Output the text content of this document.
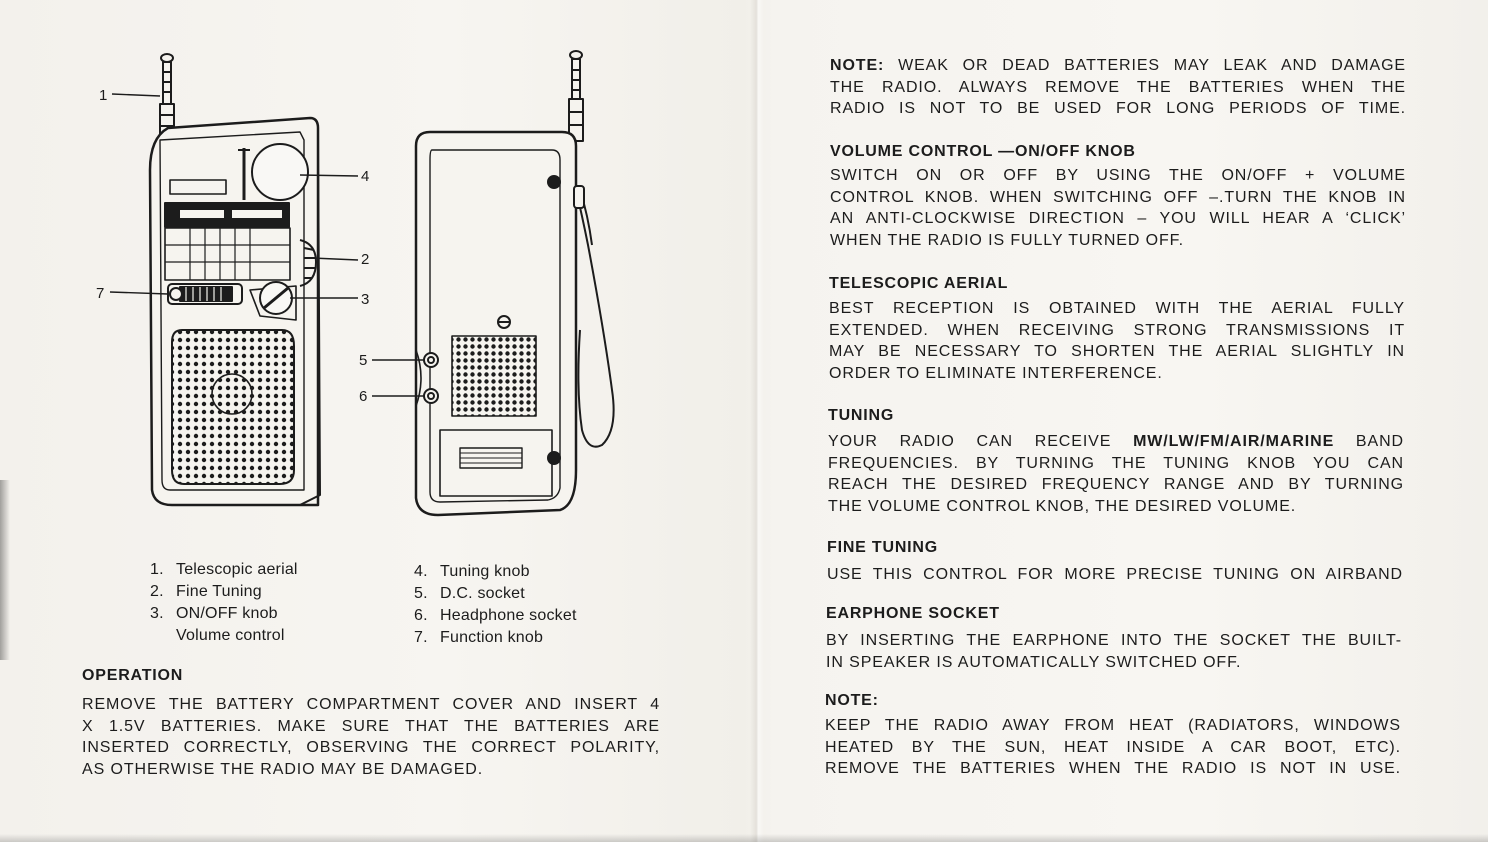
1
2
3
4
5
6
7
1. Telescopic aerial
2. Fine Tuning
3. ON/OFF knob
Volume control
4. Tuning knob
5. D.C. socket
6. Headphone socket
7. Function knob
OPERATION
REMOVE THE BATTERY COMPARTMENT COVER AND INSERT 4
X 1.5V BATTERIES. MAKE SURE THAT THE BATTERIES ARE
INSERTED CORRECTLY, OBSERVING THE CORRECT POLARITY,
AS OTHERWISE THE RADIO MAY BE DAMAGED.
NOTE: WEAK OR DEAD BATTERIES MAY LEAK AND DAMAGE
THE RADIO. ALWAYS REMOVE THE BATTERIES WHEN THE
RADIO IS NOT TO BE USED FOR LONG PERIODS OF TIME.
VOLUME CONTROL —ON/OFF KNOB
SWITCH ON OR OFF BY USING THE ON/OFF + VOLUME
CONTROL KNOB. WHEN SWITCHING OFF –.TURN THE KNOB IN
AN ANTI-CLOCKWISE DIRECTION – YOU WILL HEAR A ‘CLICK’
WHEN THE RADIO IS FULLY TURNED OFF.
TELESCOPIC AERIAL
BEST RECEPTION IS OBTAINED WITH THE AERIAL FULLY
EXTENDED. WHEN RECEIVING STRONG TRANSMISSIONS IT
MAY BE NECESSARY TO SHORTEN THE AERIAL SLIGHTLY IN
ORDER TO ELIMINATE INTERFERENCE.
TUNING
YOUR RADIO CAN RECEIVE MW/LW/FM/AIR/MARINE BAND
FREQUENCIES. BY TURNING THE TUNING KNOB YOU CAN
REACH THE DESIRED FREQUENCY RANGE AND BY TURNING
THE VOLUME CONTROL KNOB, THE DESIRED VOLUME.
FINE TUNING
USE THIS CONTROL FOR MORE PRECISE TUNING ON AIRBAND
EARPHONE SOCKET
BY INSERTING THE EARPHONE INTO THE SOCKET THE BUILT-
IN SPEAKER IS AUTOMATICALLY SWITCHED OFF.
NOTE:
KEEP THE RADIO AWAY FROM HEAT (RADIATORS, WINDOWS
HEATED BY THE SUN, HEAT INSIDE A CAR BOOT, ETC).
REMOVE THE BATTERIES WHEN THE RADIO IS NOT IN USE.
